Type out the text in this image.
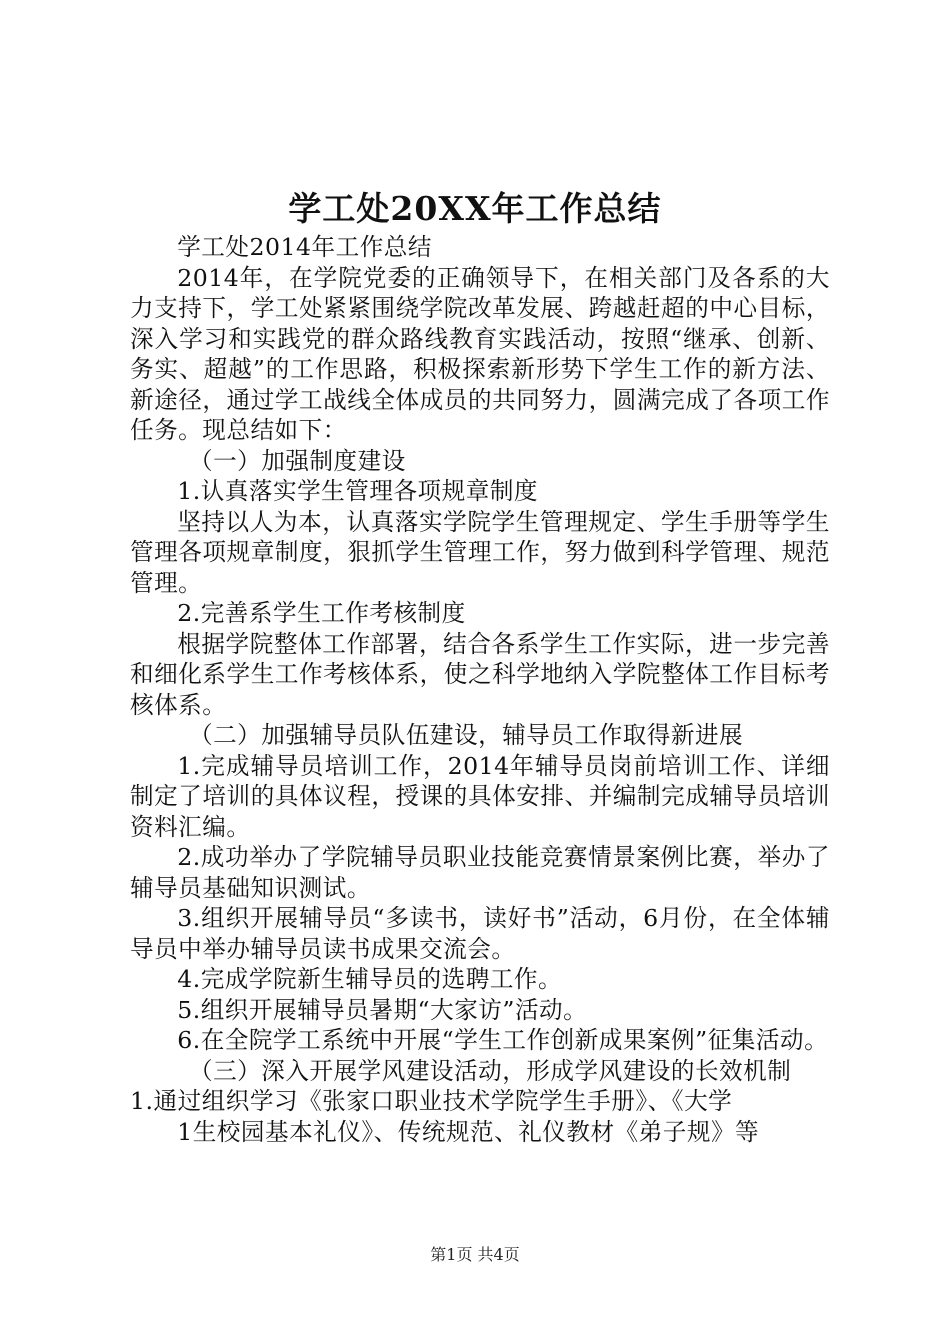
学工处20XX年工作总结

学工处2014年工作总结

2014年，在学院党委的正确领导下，在相关部门及各系的大力支持下，学工处紧紧围绕学院改革发展、跨越赶超的中心目标，深入学习和实践党的群众路线教育实践活动，按照“继承、创新、务实、超越”的工作思路，积极探索新形势下学生工作的新方法、新途径，通过学工战线全体成员的共同努力，圆满完成了各项工作任务。现总结如下：

（一）加强制度建设

1.认真落实学生管理各项规章制度

坚持以人为本，认真落实学院学生管理规定、学生手册等学生管理各项规章制度，狠抓学生管理工作，努力做到科学管理、规范管理。

2.完善系学生工作考核制度

根据学院整体工作部署，结合各系学生工作实际，进一步完善和细化系学生工作考核体系，使之科学地纳入学院整体工作目标考核体系。

（二）加强辅导员队伍建设，辅导员工作取得新进展

1.完成辅导员培训工作，2014年辅导员岗前培训工作、详细制定了培训的具体议程，授课的具体安排、并编制完成辅导员培训资料汇编。

2.成功举办了学院辅导员职业技能竞赛情景案例比赛，举办了辅导员基础知识测试。

3.组织开展辅导员“多读书，读好书”活动，6月份，在全体辅导员中举办辅导员读书成果交流会。

4.完成学院新生辅导员的选聘工作。

5.组织开展辅导员暑期“大家访”活动。

6.在全院学工系统中开展“学生工作创新成果案例”征集活动。

（三）深入开展学风建设活动，形成学风建设的长效机制

1.通过组织学习《张家口职业技术学院学生手册》、《大学

1生校园基本礼仪》、传统规范、礼仪教材《弟子规》等

第1页 共4页
